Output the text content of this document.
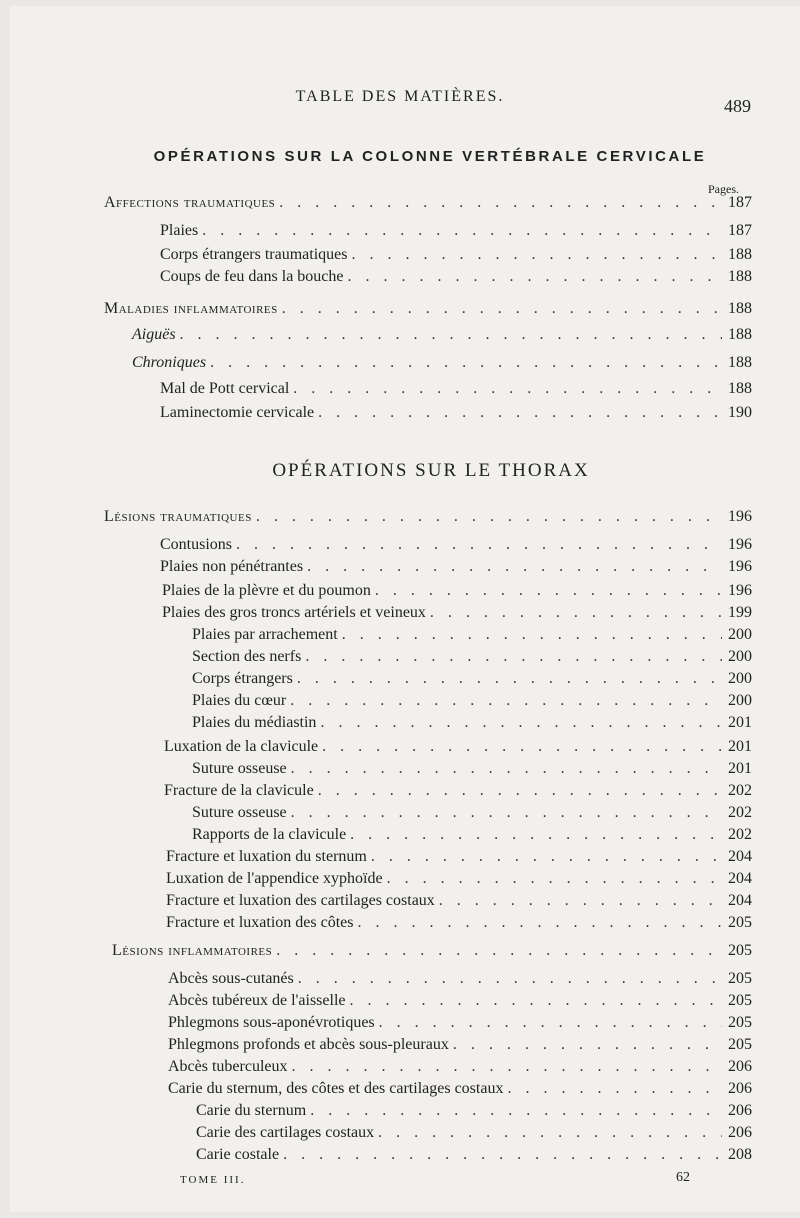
TABLE DES MATIÈRES.	489
OPÉRATIONS SUR LA COLONNE VERTÉBRALE CERVICALE
Pages.
Affections traumatiques . . .	187
Plaies . . .	187
Corps étrangers traumatiques . . .	188
Coups de feu dans la bouche . . .	188
Maladies inflammatoires . . .	188
Aiguës . . .	188
Chroniques . . .	188
Mal de Pott cervical . . .	188
Laminectomie cervicale . . .	190
OPÉRATIONS SUR LE THORAX
Lésions traumatiques . . .	196
Contusions . . .	196
Plaies non pénétrantes . . .	196
Plaies de la plèvre et du poumon . . .	196
Plaies des gros troncs artériels et veineux . . .	199
Plaies par arrachement . . .	200
Section des nerfs . . .	200
Corps étrangers . . .	200
Plaies du cœur . . .	200
Plaies du médiastin . . .	201
Luxation de la clavicule . . .	201
Suture osseuse . . .	201
Fracture de la clavicule . . .	202
Suture osseuse . . .	202
Rapports de la clavicule . . .	202
Fracture et luxation du sternum . . .	204
Luxation de l'appendice xyphoïde . . .	204
Fracture et luxation des cartilages costaux . . .	204
Fracture et luxation des côtes . . .	205
Lésions inflammatoires . . .	205
Abcès sous-cutanés . . .	205
Abcès tubéreux de l'aisselle . . .	205
Phlegmons sous-aponévrotiques . . .	205
Phlegmons profonds et abcès sous-pleuraux . . .	205
Abcès tuberculeux . . .	206
Carie du sternum, des côtes et des cartilages costaux . . .	206
Carie du sternum . . .	206
Carie des cartilages costaux . . .	206
Carie costale . . .	208
TOME III.	62
